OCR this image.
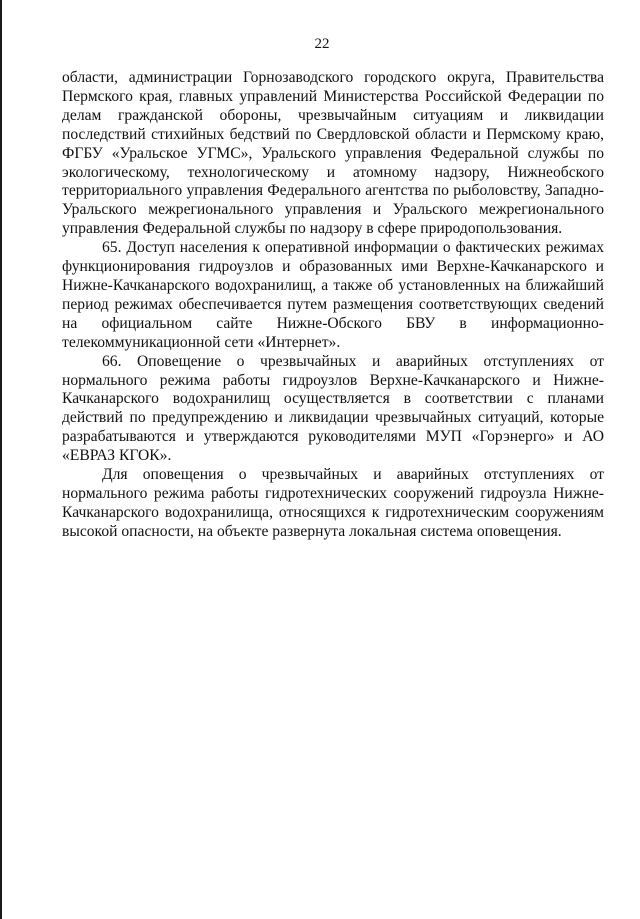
22

области, администрации Горнозаводского городского округа, Правительства Пермского края, главных управлений Министерства Российской Федерации по делам гражданской обороны, чрезвычайным ситуациям и ликвидации последствий стихийных бедствий по Свердловской области и Пермскому краю, ФГБУ «Уральское УГМС», Уральского управления Федеральной службы по экологическому, технологическому и атомному надзору, Нижнеобского территориального управления Федерального агентства по рыболовству, Западно-Уральского межрегионального управления и Уральского межрегионального управления Федеральной службы по надзору в сфере природопользования.

65. Доступ населения к оперативной информации о фактических режимах функционирования гидроузлов и образованных ими Верхне-Качканарского и Нижне-Качканарского водохранилищ, а также об установленных на ближайший период режимах обеспечивается путем размещения соответствующих сведений на официальном сайте Нижне-Обского БВУ в информационно-телекоммуникационной сети «Интернет».

66. Оповещение о чрезвычайных и аварийных отступлениях от нормального режима работы гидроузлов Верхне-Качканарского и Нижне-Качканарского водохранилищ осуществляется в соответствии с планами действий по предупреждению и ликвидации чрезвычайных ситуаций, которые разрабатываются и утверждаются руководителями МУП «Горэнерго» и АО «ЕВРАЗ КГОК».

Для оповещения о чрезвычайных и аварийных отступлениях от нормального режима работы гидротехнических сооружений гидроузла Нижне-Качканарского водохранилища, относящихся к гидротехническим сооружениям высокой опасности, на объекте развернута локальная система оповещения.
